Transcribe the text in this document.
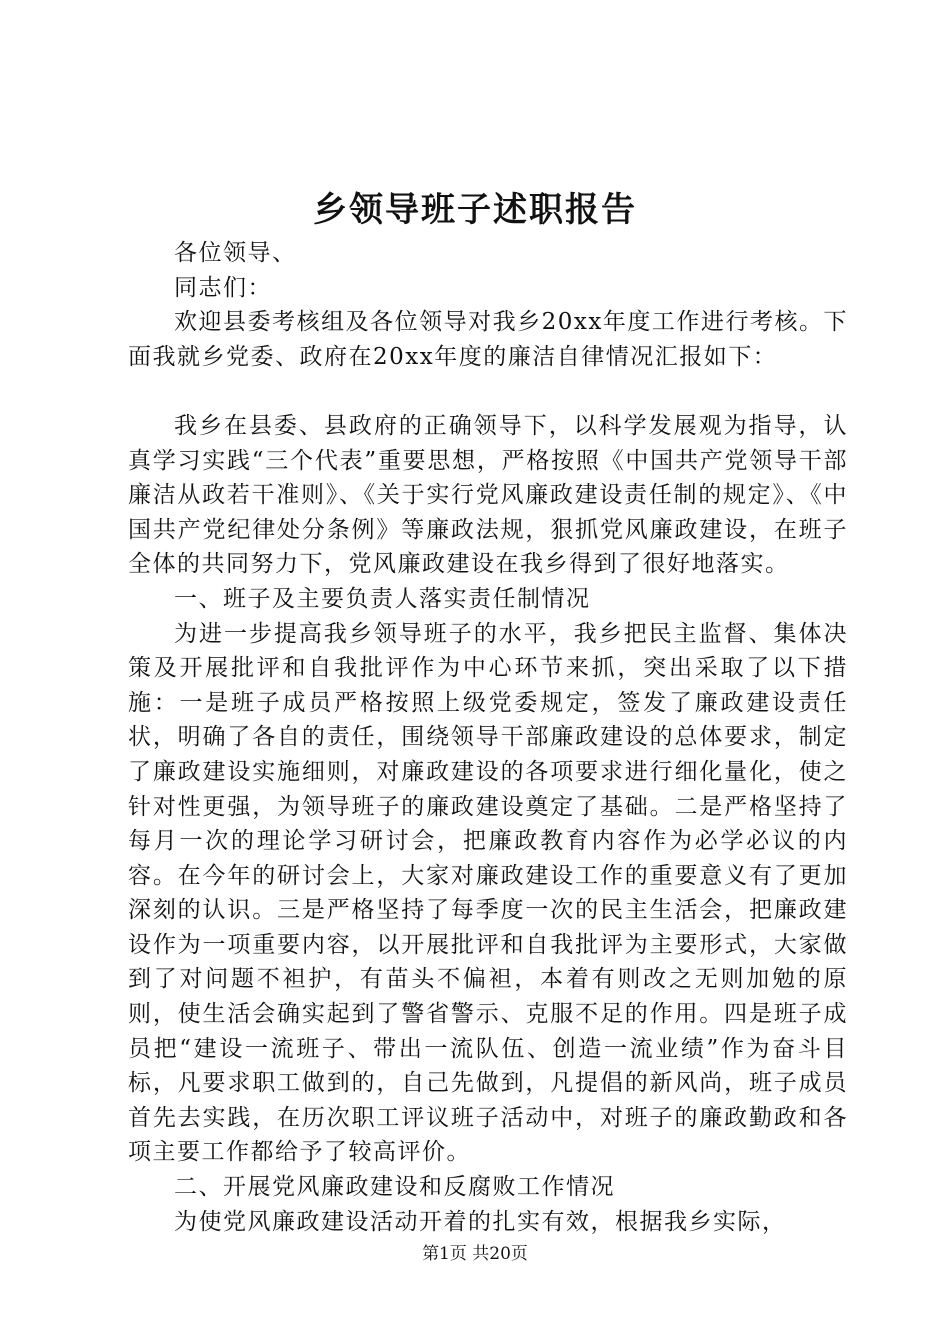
乡领导班子述职报告

各位领导、

同志们：

欢迎县委考核组及各位领导对我乡20xx年度工作进行考核。下面我就乡党委、政府在20xx年度的廉洁自律情况汇报如下：

我乡在县委、县政府的正确领导下，以科学发展观为指导，认真学习实践“三个代表”重要思想，严格按照《中国共产党领导干部廉洁从政若干准则》、《关于实行党风廉政建设责任制的规定》、《中国共产党纪律处分条例》等廉政法规，狠抓党风廉政建设，在班子全体的共同努力下，党风廉政建设在我乡得到了很好地落实。

一、班子及主要负责人落实责任制情况

为进一步提高我乡领导班子的水平，我乡把民主监督、集体决策及开展批评和自我批评作为中心环节来抓，突出采取了以下措施：一是班子成员严格按照上级党委规定，签发了廉政建设责任状，明确了各自的责任，围绕领导干部廉政建设的总体要求，制定了廉政建设实施细则，对廉政建设的各项要求进行细化量化，使之针对性更强，为领导班子的廉政建设奠定了基础。二是严格坚持了每月一次的理论学习研讨会，把廉政教育内容作为必学必议的内容。在今年的研讨会上，大家对廉政建设工作的重要意义有了更加深刻的认识。三是严格坚持了每季度一次的民主生活会，把廉政建设作为一项重要内容，以开展批评和自我批评为主要形式，大家做到了对问题不袒护，有苗头不偏袒，本着有则改之无则加勉的原则，使生活会确实起到了警省警示、克服不足的作用。四是班子成员把“建设一流班子、带出一流队伍、创造一流业绩”作为奋斗目标，凡要求职工做到的，自己先做到，凡提倡的新风尚，班子成员首先去实践，在历次职工评议班子活动中，对班子的廉政勤政和各项主要工作都给予了较高评价。

二、开展党风廉政建设和反腐败工作情况

为使党风廉政建设活动开着的扎实有效，根据我乡实际，

第1页 共20页
